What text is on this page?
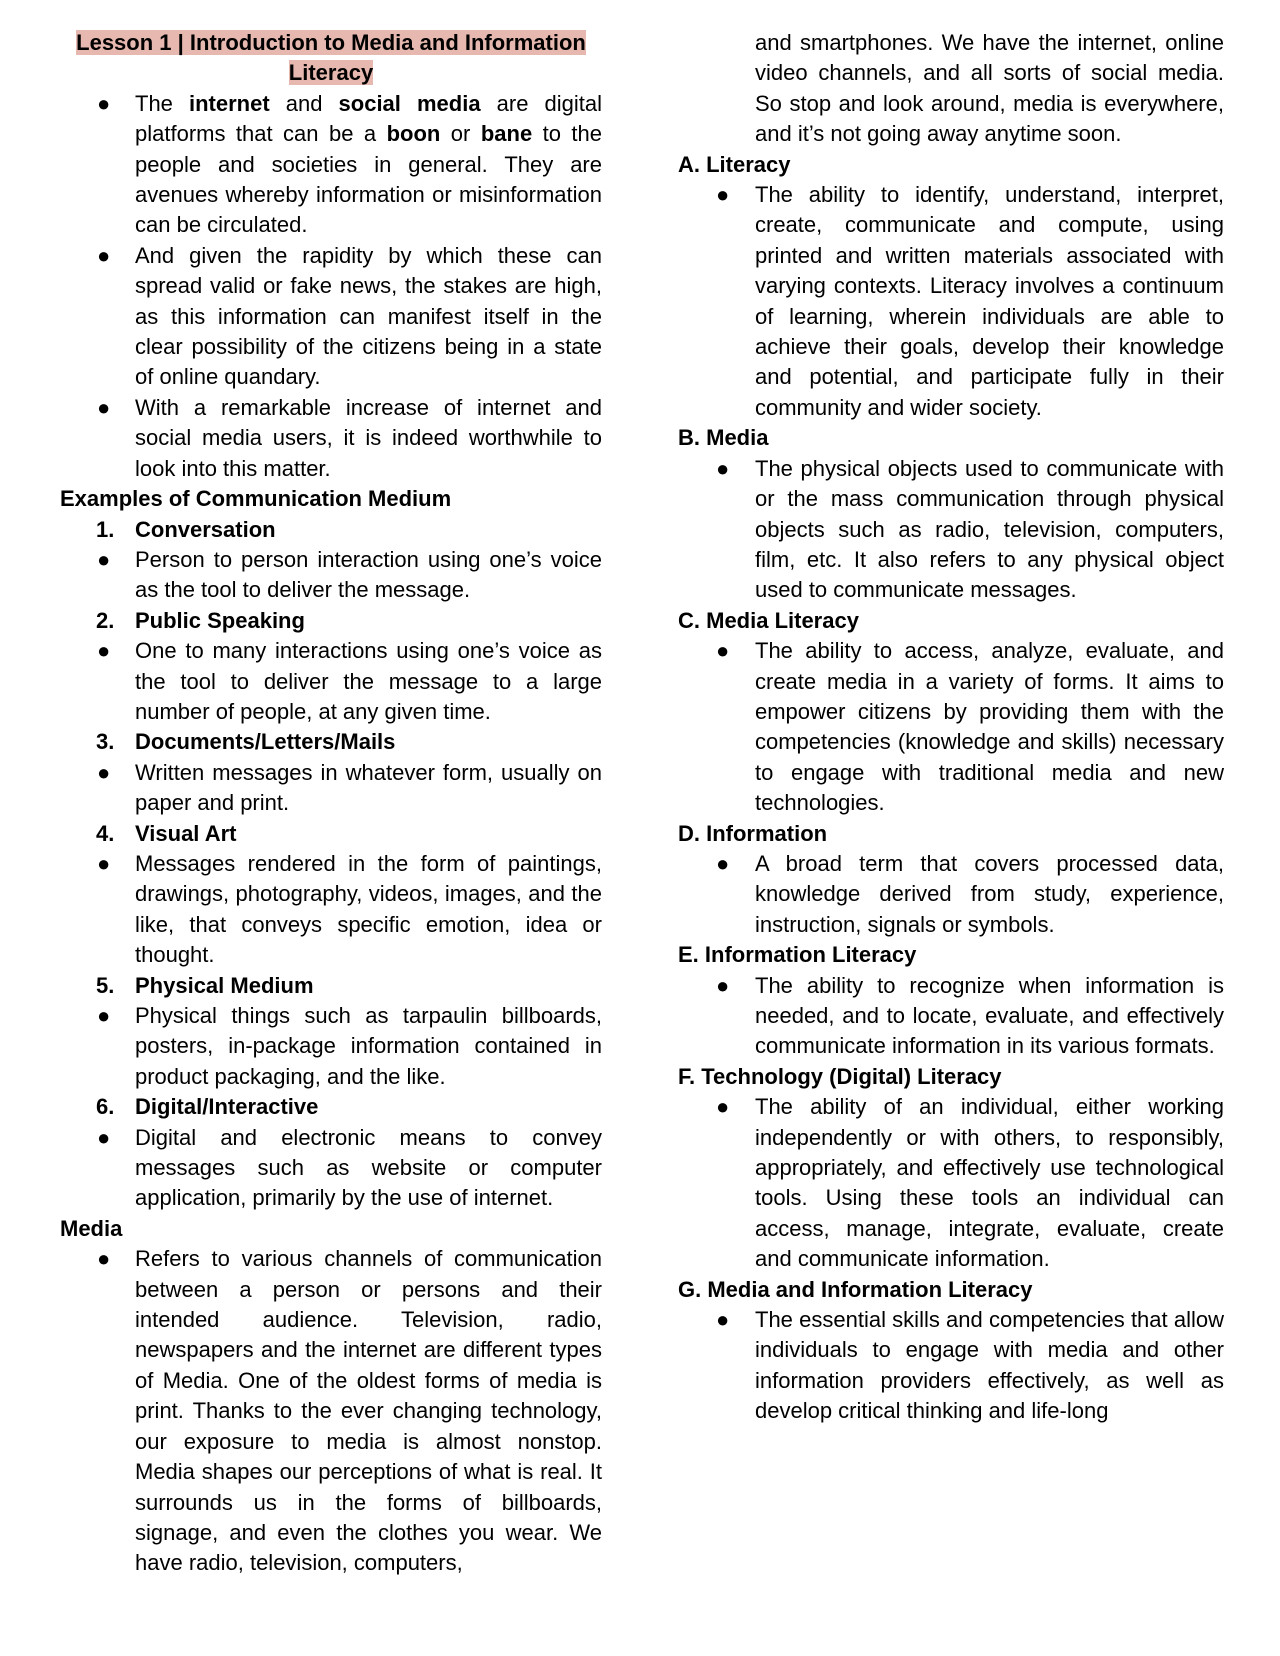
Lesson 1 | Introduction to Media and Information Literacy
● The internet and social media are digital platforms that can be a boon or bane to the people and societies in general. They are avenues whereby information or misinformation can be circulated.

● And given the rapidity by which these can spread valid or fake news, the stakes are high, as this information can manifest itself in the clear possibility of the citizens being in a state of online quandary.

● With a remarkable increase of internet and social media users, it is indeed worthwhile to look into this matter.

Examples of Communication Medium
1. Conversation
● Person to person interaction using one’s voice as the tool to deliver the message.

2. Public Speaking
● One to many interactions using one’s voice as the tool to deliver the message to a large number of people, at any given time.

3. Documents/Letters/Mails
● Written messages in whatever form, usually on paper and print.

4. Visual Art
● Messages rendered in the form of paintings, drawings, photography, videos, images, and the like, that conveys specific emotion, idea or thought.

5. Physical Medium
● Physical things such as tarpaulin billboards, posters, in-package information contained in product packaging, and the like.

6. Digital/Interactive
● Digital and electronic means to convey messages such as website or computer application, primarily by the use of internet.

Media
● Refers to various channels of communication between a person or persons and their intended audience. Television, radio, newspapers and the internet are different types of Media. One of the oldest forms of media is print. Thanks to the ever changing technology, our exposure to media is almost nonstop. Media shapes our perceptions of what is real. It surrounds us in the forms of billboards, signage, and even the clothes you wear. We have radio, television, computers,

and smartphones. We have the internet, online video channels, and all sorts of social media. So stop and look around, media is everywhere, and it’s not going away anytime soon.

A. Literacy
● The ability to identify, understand, interpret, create, communicate and compute, using printed and written materials associated with varying contexts. Literacy involves a continuum of learning, wherein individuals are able to achieve their goals, develop their knowledge and potential, and participate fully in their community and wider society.

B. Media
● The physical objects used to communicate with or the mass communication through physical objects such as radio, television, computers, film, etc. It also refers to any physical object used to communicate messages.

C. Media Literacy
● The ability to access, analyze, evaluate, and create media in a variety of forms. It aims to empower citizens by providing them with the competencies (knowledge and skills) necessary to engage with traditional media and new technologies.

D. Information
● A broad term that covers processed data, knowledge derived from study, experience, instruction, signals or symbols.

E. Information Literacy
● The ability to recognize when information is needed, and to locate, evaluate, and effectively communicate information in its various formats.

F. Technology (Digital) Literacy
● The ability of an individual, either working independently or with others, to responsibly, appropriately, and effectively use technological tools. Using these tools an individual can access, manage, integrate, evaluate, create and communicate information.

G. Media and Information Literacy
● The essential skills and competencies that allow individuals to engage with media and other information providers effectively, as well as develop critical thinking and life-long
